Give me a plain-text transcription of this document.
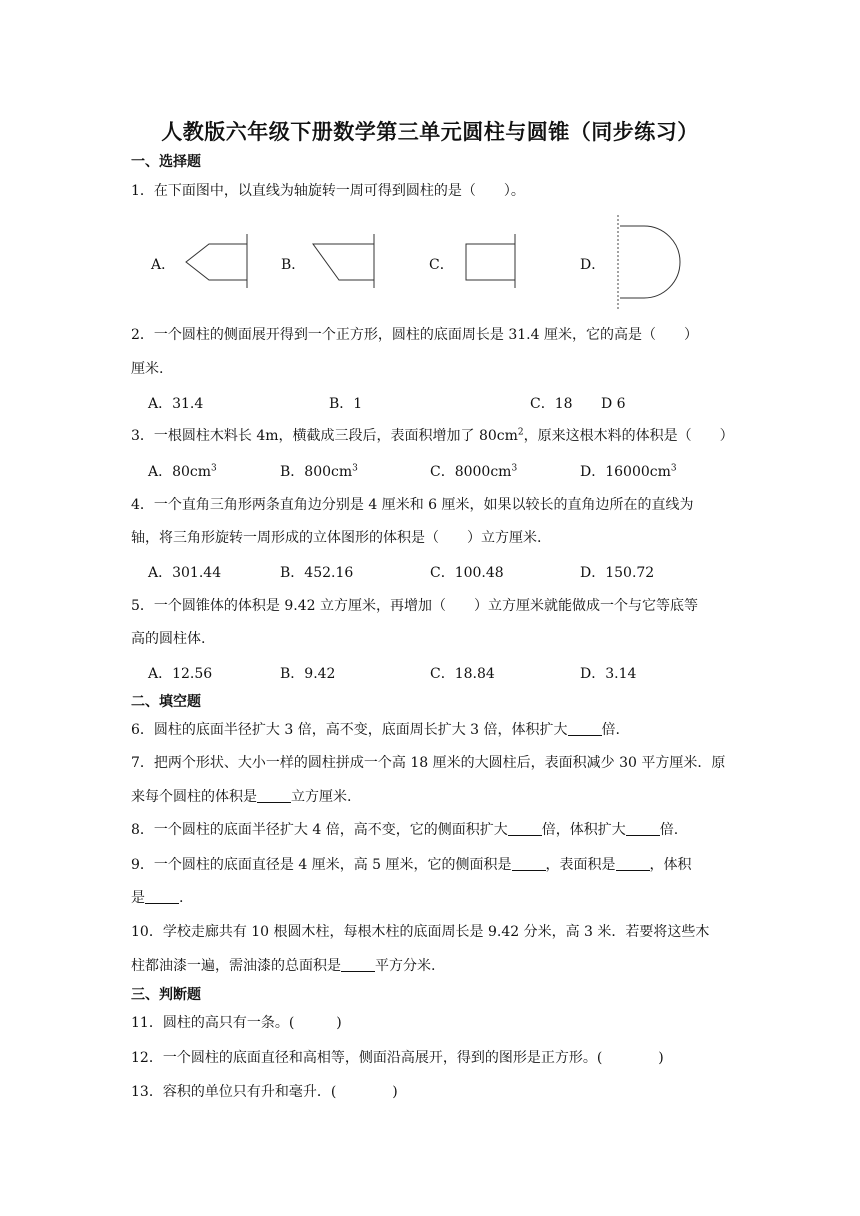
人教版六年级下册数学第三单元圆柱与圆锥（同步练习）
一、选择题
1．在下面图中，以直线为轴旋转一周可得到圆柱的是（　　）。
A．	B．	C．	D．
2．一个圆柱的侧面展开得到一个正方形，圆柱的底面周长是 31.4 厘米，它的高是（　　）
厘米.
A．31.4	B．1	C．18 D 6
3．一根圆柱木料长 4m，横截成三段后，表面积增加了 $80cm^2$，原来这根木料的体积是（　　）
A．$80cm^3$	B．$800cm^3$	C．$8000cm^3$	D．$16000cm^3$
4．一个直角三角形两条直角边分别是 4 厘米和 6 厘米，如果以较长的直角边所在的直线为
轴，将三角形旋转一周形成的立体图形的体积是（　　）立方厘米.
A．301.44	B．452.16	C．100.48	D．150.72
5．一个圆锥体的体积是 9.42 立方厘米，再增加（　　）立方厘米就能做成一个与它等底等
高的圆柱体.
A．12.56	B．9.42	C．18.84	D．3.14
二、填空题
6．圆柱的底面半径扩大 3 倍，高不变，底面周长扩大 3 倍，体积扩大 倍.
7．把两个形状、大小一样的圆柱拼成一个高 18 厘米的大圆柱后，表面积减少 30 平方厘米．原
来每个圆柱的体积是 立方厘米.
8．一个圆柱的底面半径扩大 4 倍，高不变，它的侧面积扩大 倍，体积扩大 倍.
9．一个圆柱的底面直径是 4 厘米，高 5 厘米，它的侧面积是 ，表面积是 ，体积
是 .
10．学校走廊共有 10 根圆木柱，每根木柱的底面周长是 9.42 分米，高 3 米．若要将这些木
柱都油漆一遍，需油漆的总面积是 平方分米.
三、判断题
11．圆柱的高只有一条。(　　　)
12．一个圆柱的底面直径和高相等，侧面沿高展开，得到的图形是正方形。(　　　　)
13．容积的单位只有升和毫升．(　　　　)
